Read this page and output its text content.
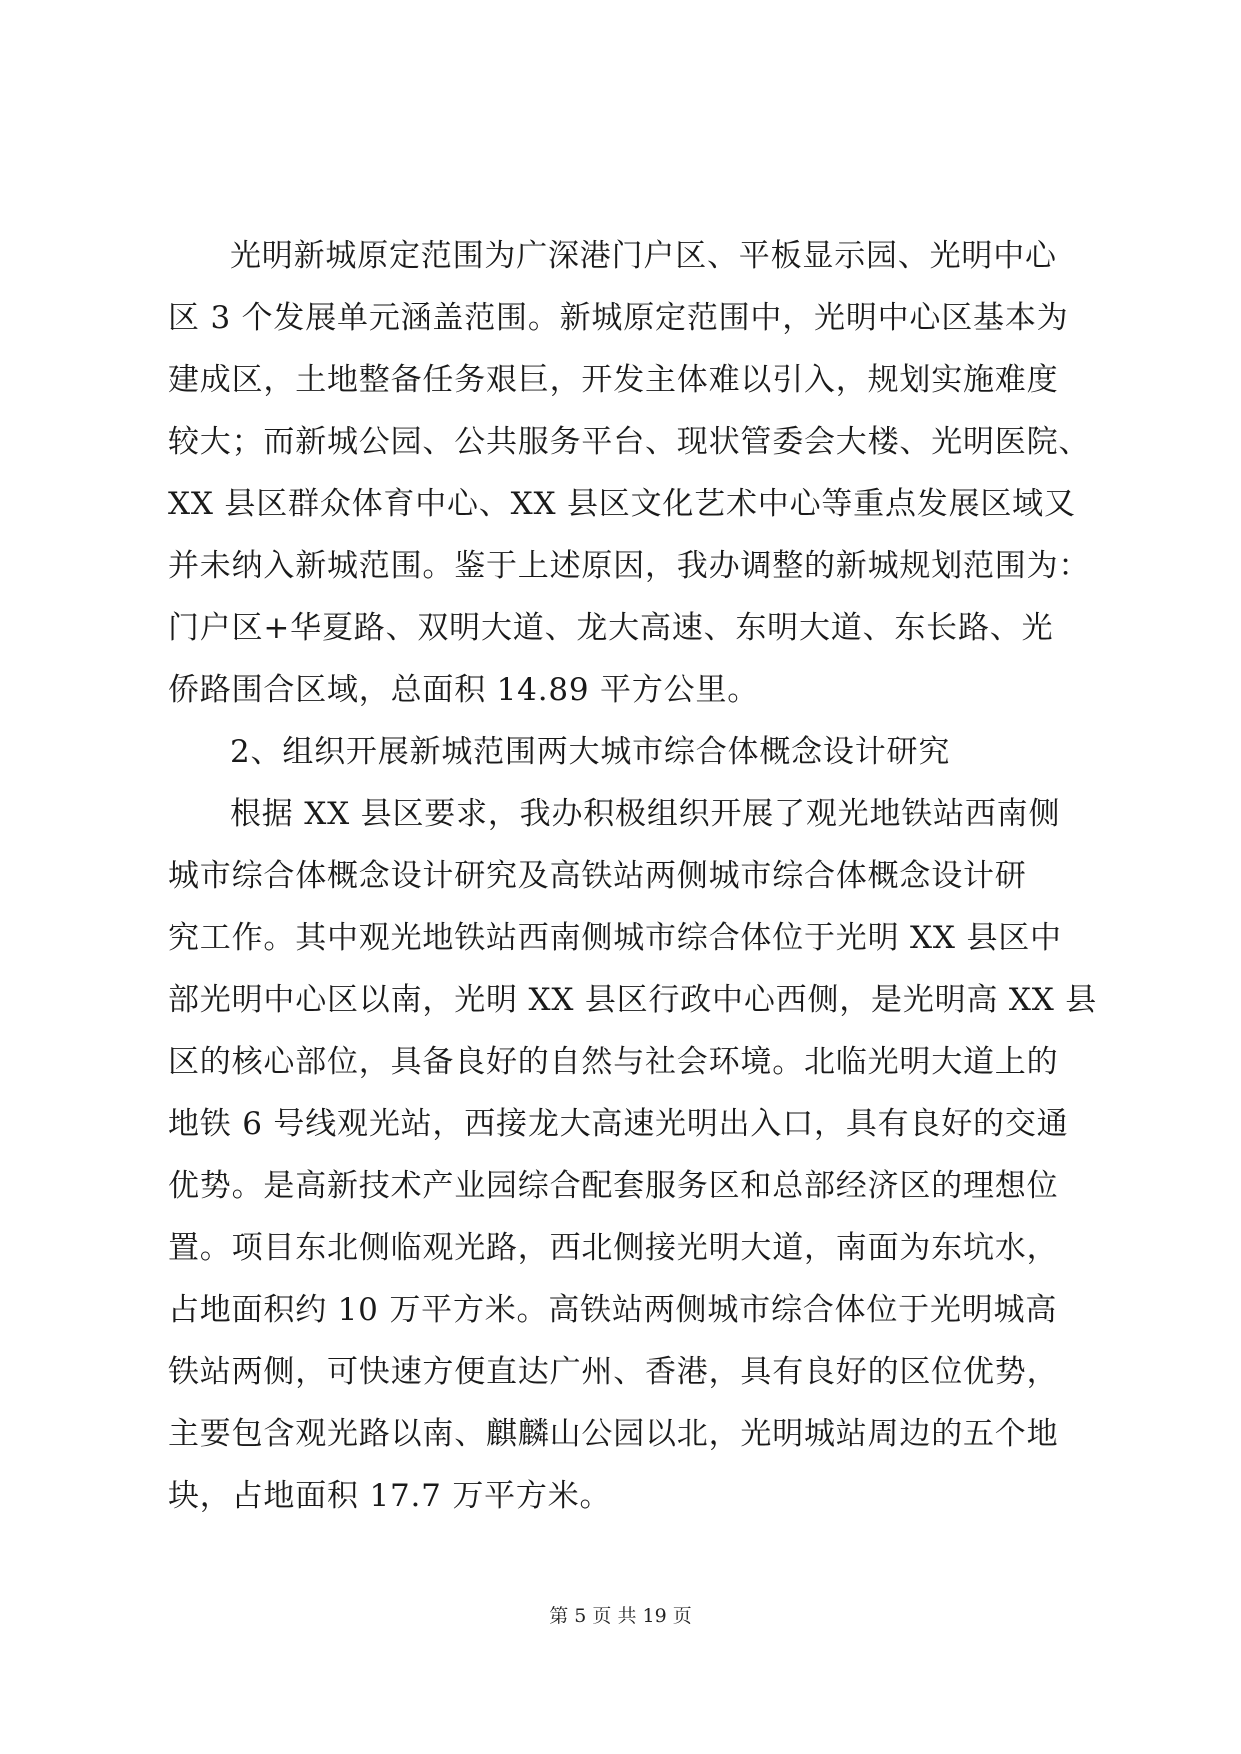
光明新城原定范围为广深港门户区、平板显示园、光明中心
区 3 个发展单元涵盖范围。新城原定范围中，光明中心区基本为
建成区，土地整备任务艰巨，开发主体难以引入，规划实施难度
较大；而新城公园、公共服务平台、现状管委会大楼、光明医院、
XX 县区群众体育中心、XX 县区文化艺术中心等重点发展区域又
并未纳入新城范围。鉴于上述原因，我办调整的新城规划范围为：
门户区+华夏路、双明大道、龙大高速、东明大道、东长路、光
侨路围合区域，总面积 14.89 平方公里。
2、组织开展新城范围两大城市综合体概念设计研究
根据 XX 县区要求，我办积极组织开展了观光地铁站西南侧
城市综合体概念设计研究及高铁站两侧城市综合体概念设计研
究工作。其中观光地铁站西南侧城市综合体位于光明 XX 县区中
部光明中心区以南，光明 XX 县区行政中心西侧，是光明高 XX 县
区的核心部位，具备良好的自然与社会环境。北临光明大道上的
地铁 6 号线观光站，西接龙大高速光明出入口，具有良好的交通
优势。是高新技术产业园综合配套服务区和总部经济区的理想位
置。项目东北侧临观光路，西北侧接光明大道，南面为东坑水，
占地面积约 10 万平方米。高铁站两侧城市综合体位于光明城高
铁站两侧，可快速方便直达广州、香港，具有良好的区位优势，
主要包含观光路以南、麒麟山公园以北，光明城站周边的五个地
块，占地面积 17.7 万平方米。
第 5 页 共 19 页
